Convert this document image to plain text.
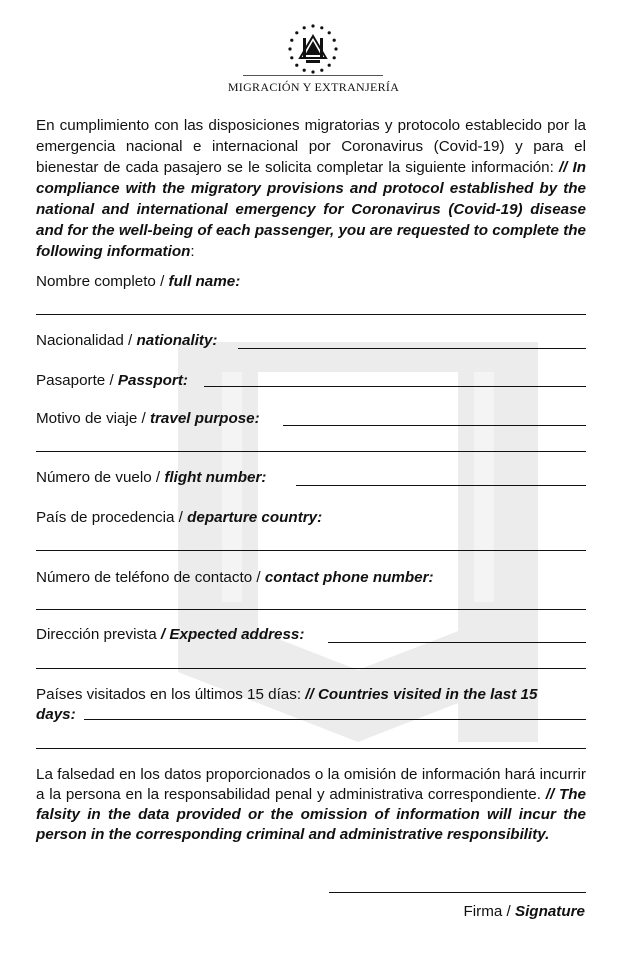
MIGRACIÓN Y EXTRANJERÍA
En cumplimiento con las disposiciones migratorias y protocolo establecido por la emergencia nacional e internacional por Coronavirus (Covid-19) y para el bienestar de cada pasajero se le solicita completar la siguiente información: // In compliance with the migratory provisions and protocol established by the national and international emergency for Coronavirus (Covid-19) disease and for the well-being of each passenger, you are requested to complete the following information:
Nombre completo / full name:
Nacionalidad / nationality:
Pasaporte / Passport:
Motivo de viaje / travel purpose:
Número de vuelo / flight number:
País de procedencia / departure country:
Número de teléfono de contacto / contact phone number:
Dirección prevista / Expected address:
Países visitados en los últimos 15 días: // Countries visited in the last 15
days:
La falsedad en los datos proporcionados o la omisión de información hará incurrir a la persona en la responsabilidad penal y administrativa correspondiente. // The falsity in the data provided or the omission of information will incur the person in the corresponding criminal and administrative responsibility.
Firma / Signature
